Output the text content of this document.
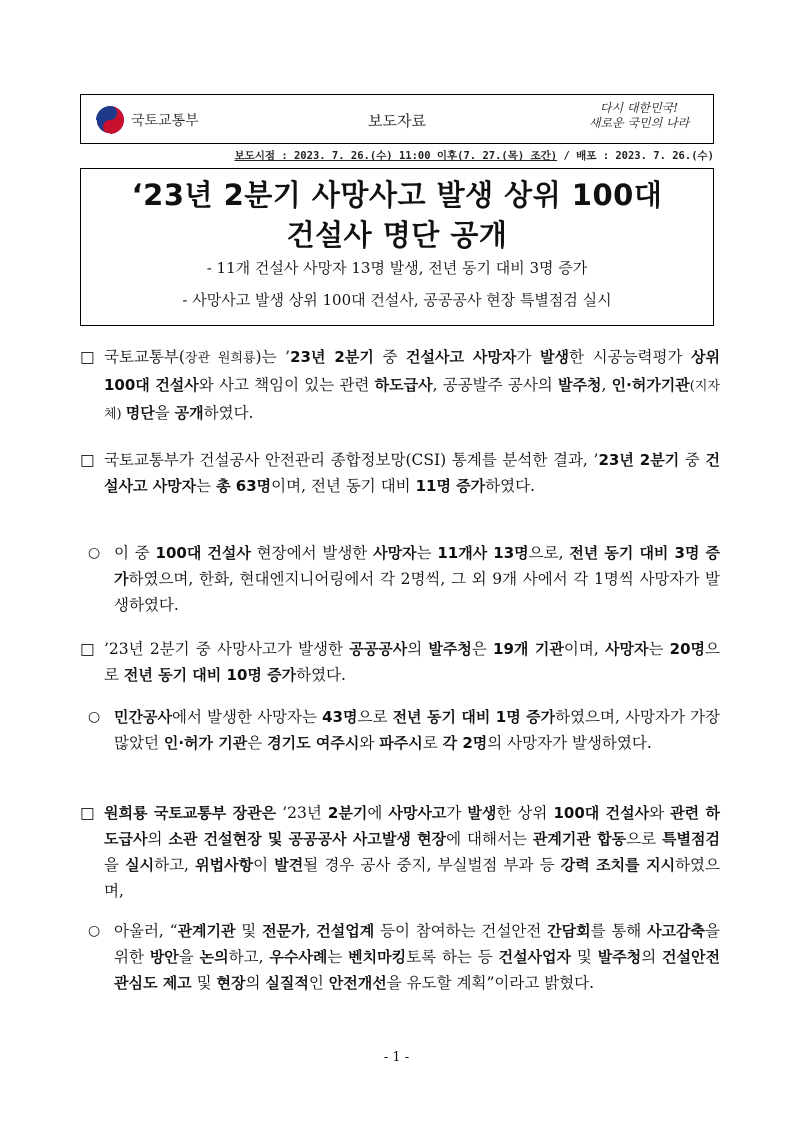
국토교통부	보도자료
다시 대한민국!
새로운 국민의 나라
보도시점 : 2023. 7. 26.(수) 11:00 이후(7. 27.(목) 조간) / 배포 : 2023. 7. 26.(수)
‘23년 2분기 사망사고 발생 상위 100대
건설사 명단 공개
- 11개 건설사 사망자 13명 발생, 전년 동기 대비 3명 증가
- 사망사고 발생 상위 100대 건설사, 공공공사 현장 특별점검 실시
□ 국토교통부(장관 원희룡)는 ’23년 2분기 중 건설사고 사망자가 발생한 시공능력평가 상위 100대 건설사와 사고 책임이 있는 관련 하도급사, 공공발주 공사의 발주청, 인·허가기관(지자체) 명단을 공개하였다.
□ 국토교통부가 건설공사 안전관리 종합정보망(CSI) 통계를 분석한 결과, ’23년 2분기 중 건설사고 사망자는 총 63명이며, 전년 동기 대비 11명 증가하였다.
○ 이 중 100대 건설사 현장에서 발생한 사망자는 11개사 13명으로, 전년 동기 대비 3명 증가하였으며, 한화, 현대엔지니어링에서 각 2명씩, 그 외 9개 사에서 각 1명씩 사망자가 발생하였다.
□ ’23년 2분기 중 사망사고가 발생한 공공공사의 발주청은 19개 기관이며, 사망자는 20명으로 전년 동기 대비 10명 증가하였다.
○ 민간공사에서 발생한 사망자는 43명으로 전년 동기 대비 1명 증가하였으며, 사망자가 가장 많았던 인·허가 기관은 경기도 여주시와 파주시로 각 2명의 사망자가 발생하였다.
□ 원희룡 국토교통부 장관은 ’23년 2분기에 사망사고가 발생한 상위 100대 건설사와 관련 하도급사의 소관 건설현장 및 공공공사 사고발생 현장에 대해서는 관계기관 합동으로 특별점검을 실시하고, 위법사항이 발견될 경우 공사 중지, 부실벌점 부과 등 강력 조치를 지시하였으며,
○ 아울러, “관계기관 및 전문가, 건설업계 등이 참여하는 건설안전 간담회를 통해 사고감축을 위한 방안을 논의하고, 우수사례는 벤치마킹토록 하는 등 건설사업자 및 발주청의 건설안전 관심도 제고 및 현장의 실질적인 안전개선을 유도할 계획”이라고 밝혔다.
- 1 -
